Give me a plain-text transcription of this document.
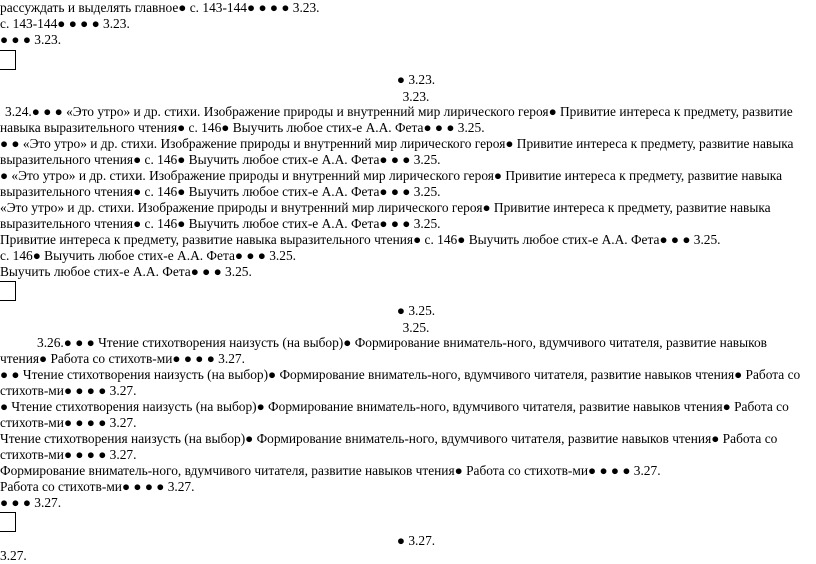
рассуждать и выделять главное● с. 143-144● ● ● ● 3.23.
с. 143-144● ● ● ● 3.23.
● ● ● 3.23.
● 3.23.
3.23.
3.24.● ● ● «Это утро» и др. стихи. Изображение природы и внутренний мир лирического героя● Привитие интереса к предмету, развитие
навыка выразительного чтения● с. 146● Выучить любое стих-е А.А. Фета● ● ● 3.25.
● ● «Это утро» и др. стихи. Изображение природы и внутренний мир лирического героя● Привитие интереса к предмету, развитие навыка
выразительного чтения● с. 146● Выучить любое стих-е А.А. Фета● ● ● 3.25.
● «Это утро» и др. стихи. Изображение природы и внутренний мир лирического героя● Привитие интереса к предмету, развитие навыка
выразительного чтения● с. 146● Выучить любое стих-е А.А. Фета● ● ● 3.25.
«Это утро» и др. стихи. Изображение природы и внутренний мир лирического героя● Привитие интереса к предмету, развитие навыка
выразительного чтения● с. 146● Выучить любое стих-е А.А. Фета● ● ● 3.25.
Привитие интереса к предмету, развитие навыка выразительного чтения● с. 146● Выучить любое стих-е А.А. Фета● ● ● 3.25.
с. 146● Выучить любое стих-е А.А. Фета● ● ● 3.25.
Выучить любое стих-е А.А. Фета● ● ● 3.25.
● 3.25.
3.25.
3.26.● ● ● Чтение стихотворения наизусть (на выбор)● Формирование вниматель-ного, вдумчивого читателя, развитие навыков
чтения● Работа со стихотв-ми● ● ● ● 3.27.
● ● Чтение стихотворения наизусть (на выбор)● Формирование вниматель-ного, вдумчивого читателя, развитие навыков чтения● Работа со
стихотв-ми● ● ● ● 3.27.
● Чтение стихотворения наизусть (на выбор)● Формирование вниматель-ного, вдумчивого читателя, развитие навыков чтения● Работа со
стихотв-ми● ● ● ● 3.27.
Чтение стихотворения наизусть (на выбор)● Формирование вниматель-ного, вдумчивого читателя, развитие навыков чтения● Работа со
стихотв-ми● ● ● ● 3.27.
Формирование вниматель-ного, вдумчивого читателя, развитие навыков чтения● Работа со стихотв-ми● ● ● ● 3.27.
Работа со стихотв-ми● ● ● ● 3.27.
● ● ● 3.27.
● 3.27.
3.27.
